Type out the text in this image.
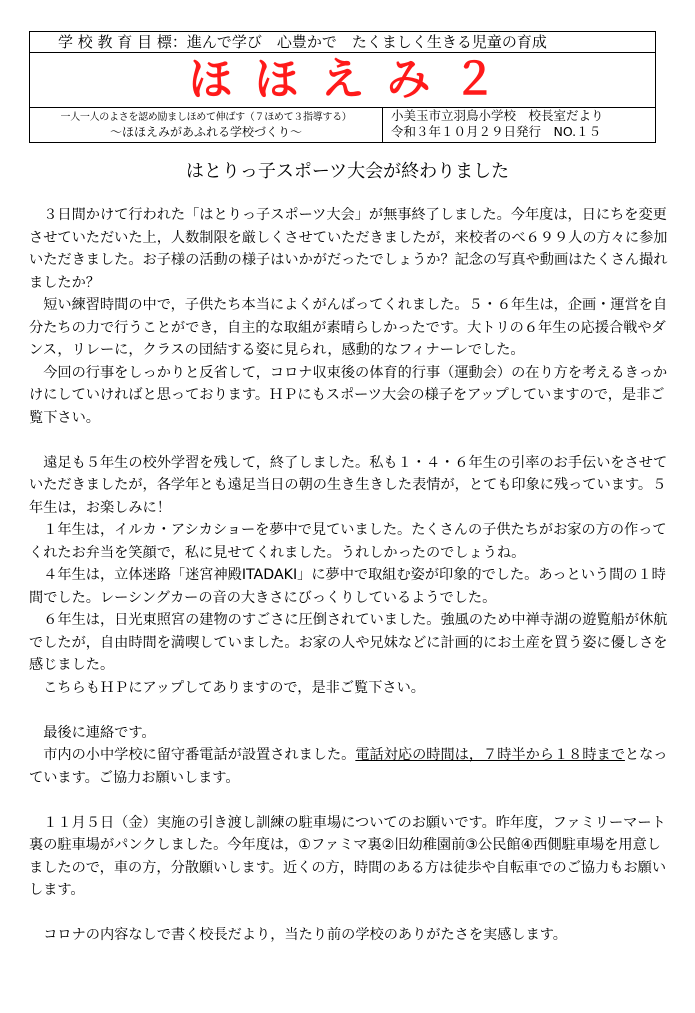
学 校 教 育 目 標：進んで学び　心豊かで　たくましく生きる児童の育成
ほほえみ２
一人一人のよさを認め励ましほめて伸ばす（７ほめて３指導する）
～ほほえみがあふれる学校づくり～
小美玉市立羽鳥小学校　校長室だより
令和３年１０月２９日発行　NO.１５
はとりっ子スポーツ大会が終わりました

３日間かけて行われた「はとりっ子スポーツ大会」が無事終了しました。今年度は，日にちを変更させていただいた上，人数制限を厳しくさせていただきましたが，来校者のべ６９９人の方々に参加いただきました。お子様の活動の様子はいかがだったでしょうか？記念の写真や動画はたくさん撮れましたか？

短い練習時間の中で，子供たち本当によくがんばってくれました。５・６年生は，企画・運営を自分たちの力で行うことができ，自主的な取組が素晴らしかったです。大トリの６年生の応援合戦やダンス，リレーに，クラスの団結する姿に見られ，感動的なフィナーレでした。

今回の行事をしっかりと反省して，コロナ収束後の体育的行事（運動会）の在り方を考えるきっかけにしていければと思っております。ＨＰにもスポーツ大会の様子をアップしていますので，是非ご覧下さい。

遠足も５年生の校外学習を残して，終了しました。私も１・４・６年生の引率のお手伝いをさせていただきましたが，各学年とも遠足当日の朝の生き生きした表情が，とても印象に残っています。５年生は，お楽しみに！

１年生は，イルカ・アシカショーを夢中で見ていました。たくさんの子供たちがお家の方の作ってくれたお弁当を笑顔で，私に見せてくれました。うれしかったのでしょうね。

４年生は，立体迷路「迷宮神殿ITADAKI」に夢中で取組む姿が印象的でした。あっという間の１時間でした。レーシングカーの音の大きさにびっくりしているようでした。

６年生は，日光東照宮の建物のすごさに圧倒されていました。強風のため中禅寺湖の遊覧船が休航でしたが，自由時間を満喫していました。お家の人や兄妹などに計画的にお土産を買う姿に優しさを感じました。

こちらもＨＰにアップしてありますので，是非ご覧下さい。

最後に連絡です。

市内の小中学校に留守番電話が設置されました。電話対応の時間は，７時半から１８時までとなっています。ご協力お願いします。

１１月５日（金）実施の引き渡し訓練の駐車場についてのお願いです。昨年度，ファミリーマート裏の駐車場がパンクしました。今年度は，①ファミマ裏②旧幼稚園前③公民館④西側駐車場を用意しましたので，車の方，分散願いします。近くの方，時間のある方は徒歩や自転車でのご協力もお願いします。

コロナの内容なしで書く校長だより，当たり前の学校のありがたさを実感します。
